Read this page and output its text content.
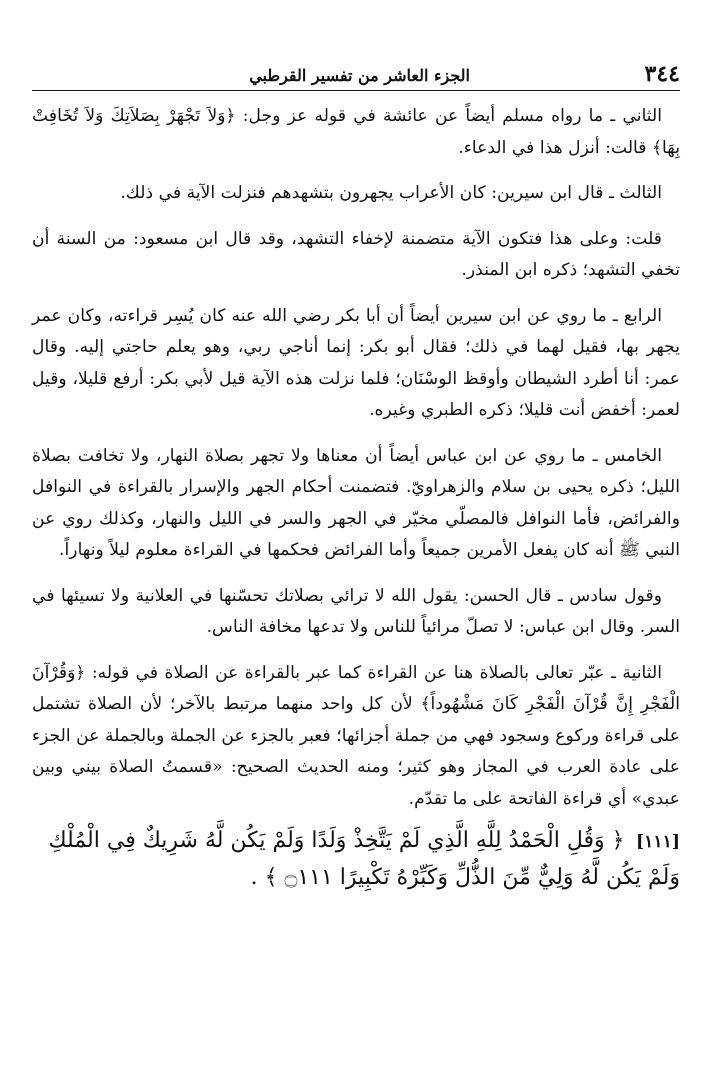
الجزء العاشر من تفسير القرطبي	٣٤٤

الثاني ـ ما رواه مسلم أيضاً عن عائشة في قوله عز وجل: ﴿وَلاَ تَجْهَرْ بِصَلاَتِكَ وَلاَ تُخَافِتْ بِهَا﴾ قالت: أنزل هذا في الدعاء.

الثالث ـ قال ابن سيرين: كان الأعراب يجهرون بتشهدهم فنزلت الآية في ذلك.

قلت: وعلى هذا فتكون الآية متضمنة لإخفاء التشهد، وقد قال ابن مسعود: من السنة أن تخفي التشهد؛ ذكره ابن المنذر.

الرابع ـ ما روي عن ابن سيرين أيضاً أن أبا بكر رضي الله عنه كان يُسِر قراءته، وكان عمر يجهر بها، فقيل لهما في ذلك؛ فقال أبو بكر: إنما أناجي ربي، وهو يعلم حاجتي إليه. وقال عمر: أنا أطرد الشيطان وأوقظ الوسْنَان؛ فلما نزلت هذه الآية قيل لأبي بكر: أرفع قليلا، وقيل لعمر: أخفض أنت قليلا؛ ذكره الطبري وغيره.

الخامس ـ ما روي عن ابن عباس أيضاً أن معناها ولا تجهر بصلاة النهار، ولا تخافت بصلاة الليل؛ ذكره يحيى بن سلام والزهراويّ. فتضمنت أحكام الجهر والإسرار بالقراءة في النوافل والفرائض، فأما النوافل فالمصلّي مخيّر في الجهر والسر في الليل والنهار، وكذلك روي عن النبي ﷺ أنه كان يفعل الأمرين جميعاً وأما الفرائض فحكمها في القراءة معلوم ليلاً ونهاراً.

وقول سادس ـ قال الحسن: يقول الله لا ترائي بصلاتك تحسّنها في العلانية ولا تسيئها في السر. وقال ابن عباس: لا تصلّ مرائياً للناس ولا تدعها مخافة الناس.

الثانية ـ عبّر تعالى بالصلاة هنا عن القراءة كما عبر بالقراءة عن الصلاة في قوله: ﴿وَقُرْآنَ الْفَجْرِ إِنَّ قُرْآنَ الْفَجْرِ كَانَ مَشْهُوداً﴾ لأن كل واحد منهما مرتبط بالآخر؛ لأن الصلاة تشتمل على قراءة وركوع وسجود فهي من جملة أجزائها؛ فعبر بالجزء عن الجملة وبالجملة عن الجزء على عادة العرب في المجاز وهو كثير؛ ومنه الحديث الصحيح: «قسمتُ الصلاة بيني وبين عبدي» أي قراءة الفاتحة على ما تقدّم.

[١١١] ﴿ وَقُلِ الْحَمْدُ لِلَّهِ الَّذِي لَمْ يَتَّخِذْ وَلَدًا وَلَمْ يَكُن لَّهُ شَرِيكٌ فِي الْمُلْكِ وَلَمْ يَكُن لَّهُ وَلِيٌّ مِّنَ الذُّلِّ وَكَبِّرْهُ تَكْبِيرًا ۝١١١ ﴾ .
